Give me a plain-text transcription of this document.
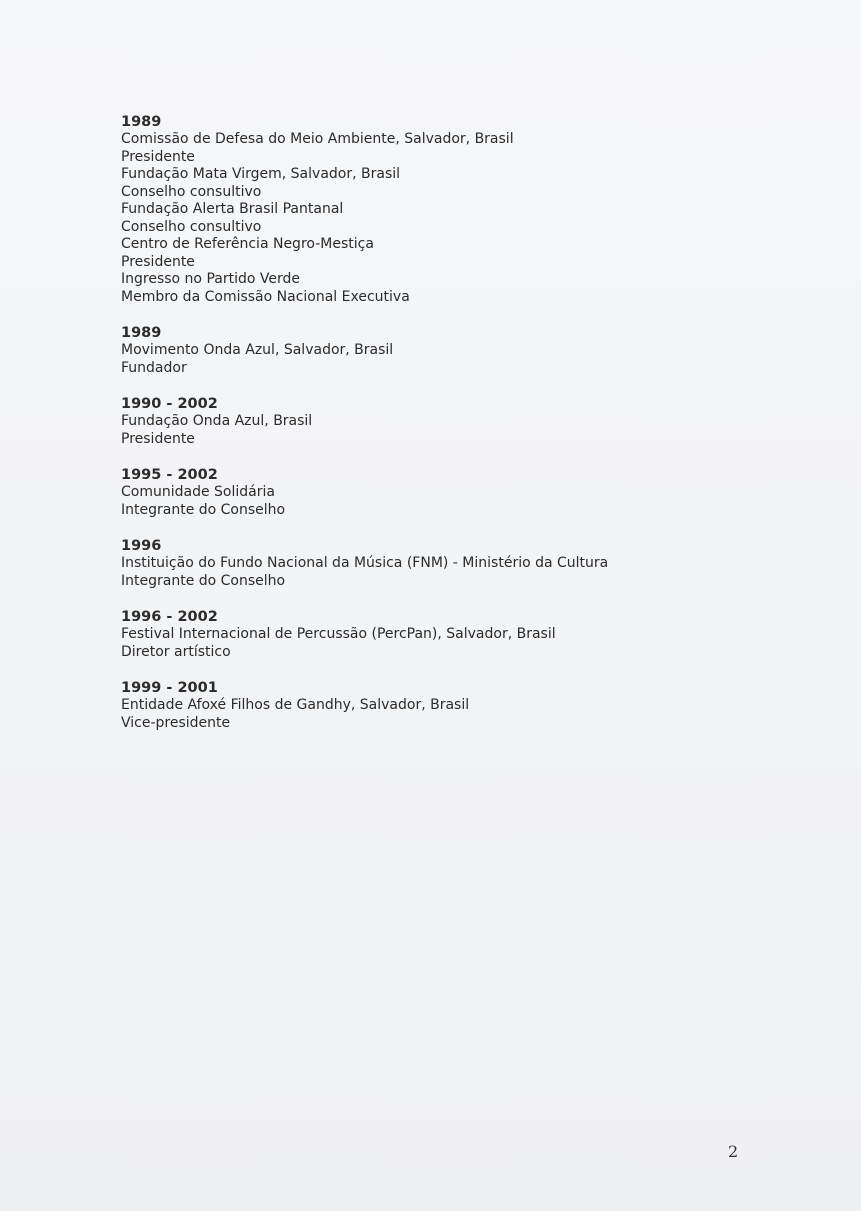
1989
Comissão de Defesa do Meio Ambiente, Salvador, Brasil
Presidente
Fundação Mata Virgem, Salvador, Brasil
Conselho consultivo
Fundação Alerta Brasil Pantanal
Conselho consultivo
Centro de Referência Negro-Mestiça
Presidente
Ingresso no Partido Verde
Membro da Comissão Nacional Executiva
1989
Movimento Onda Azul, Salvador, Brasil
Fundador
1990 - 2002
Fundação Onda Azul, Brasil
Presidente
1995 - 2002
Comunidade Solidária
Integrante do Conselho
1996
Instituição do Fundo Nacional da Música (FNM) - Ministério da Cultura
Integrante do Conselho
1996 - 2002
Festival Internacional de Percussão (PercPan), Salvador, Brasil
Diretor artístico
1999 - 2001
Entidade Afoxé Filhos de Gandhy, Salvador, Brasil
Vice-presidente
2
